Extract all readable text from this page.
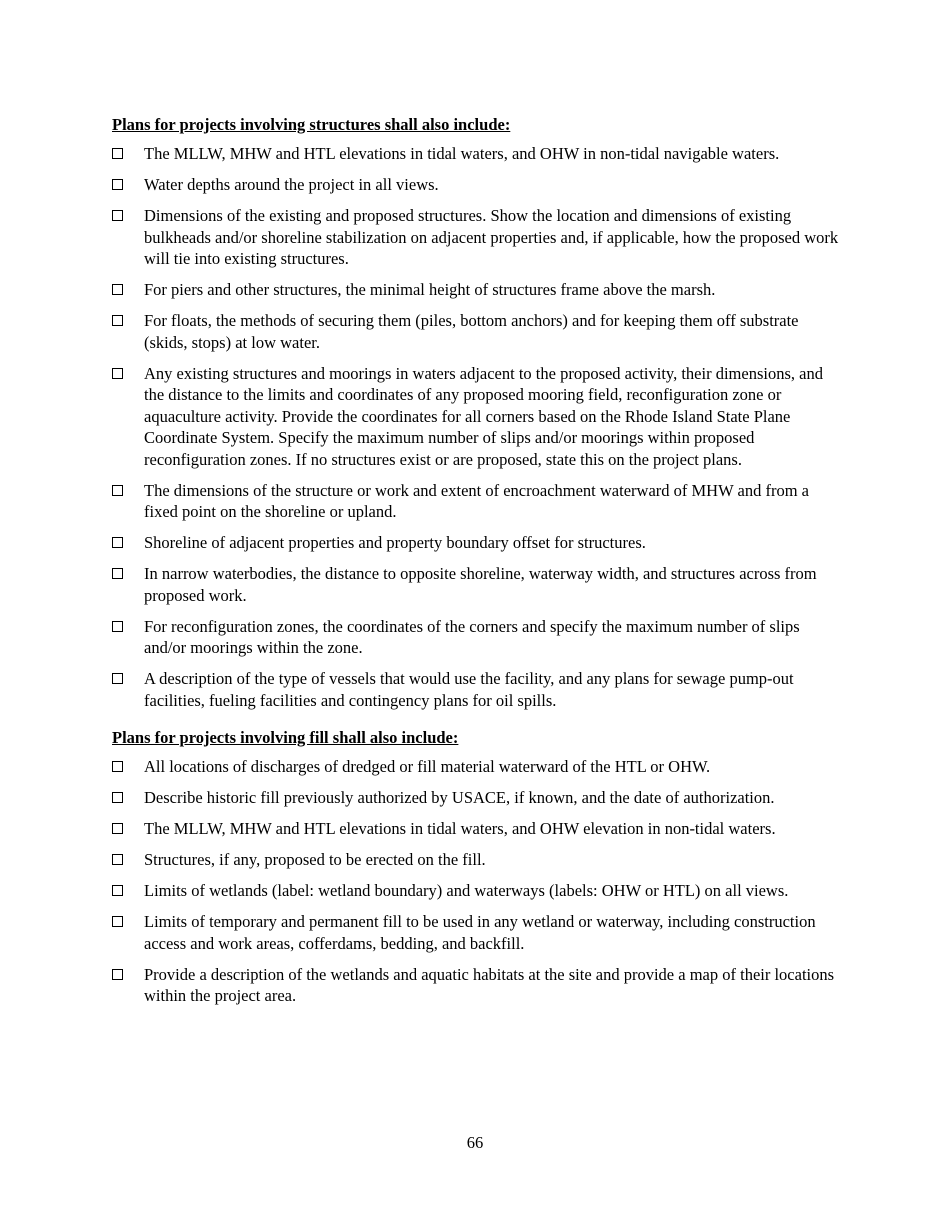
Plans for projects involving structures shall also include:
The MLLW, MHW and HTL elevations in tidal waters, and OHW in non-tidal navigable waters.
Water depths around the project in all views.
Dimensions of the existing and proposed structures. Show the location and dimensions of existing bulkheads and/or shoreline stabilization on adjacent properties and, if applicable, how the proposed work will tie into existing structures.
For piers and other structures, the minimal height of structures frame above the marsh.
For floats, the methods of securing them (piles, bottom anchors) and for keeping them off substrate (skids, stops) at low water.
Any existing structures and moorings in waters adjacent to the proposed activity, their dimensions, and the distance to the limits and coordinates of any proposed mooring field, reconfiguration zone or aquaculture activity. Provide the coordinates for all corners based on the Rhode Island State Plane Coordinate System. Specify the maximum number of slips and/or moorings within proposed reconfiguration zones. If no structures exist or are proposed, state this on the project plans.
The dimensions of the structure or work and extent of encroachment waterward of MHW and from a fixed point on the shoreline or upland.
Shoreline of adjacent properties and property boundary offset for structures.
In narrow waterbodies, the distance to opposite shoreline, waterway width, and structures across from proposed work.
For reconfiguration zones, the coordinates of the corners and specify the maximum number of slips and/or moorings within the zone.
A description of the type of vessels that would use the facility, and any plans for sewage pump-out facilities, fueling facilities and contingency plans for oil spills.
Plans for projects involving fill shall also include:
All locations of discharges of dredged or fill material waterward of the HTL or OHW.
Describe historic fill previously authorized by USACE, if known, and the date of authorization.
The MLLW, MHW and HTL elevations in tidal waters, and OHW elevation in non-tidal waters.
Structures, if any, proposed to be erected on the fill.
Limits of wetlands (label: wetland boundary) and waterways (labels: OHW or HTL) on all views.
Limits of temporary and permanent fill to be used in any wetland or waterway, including construction access and work areas, cofferdams, bedding, and backfill.
Provide a description of the wetlands and aquatic habitats at the site and provide a map of their locations within the project area.
66
